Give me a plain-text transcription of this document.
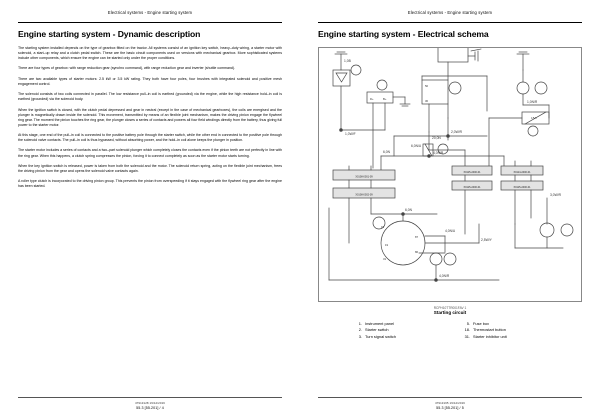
Electrical systems - Engine starting system
Engine starting system - Dynamic description

The starting system installed depends on the type of gearbox fitted on the tractor. All systems consist of an ignition key switch, heavy–duty wiring, a starter motor with solenoid, a start–up relay and a clutch pedal switch. These are the basic circuit components used on versions with mechanical gearbox. More sophisticated systems include other components, which ensure the engine can be started only under the proper conditions.

There are four types of gearbox: with range reduction gear (synchro command), with range reduction gear and inverter (shuttle command).

There are two available types of starter motors: 2.5 kW or 3.5 kW rating. They both have four poles, four brushes with integrated solenoid and positive mesh engagement control.

The solenoid consists of two coils connected in parallel. The low resistance pull–in coil is earthed (grounded) via the engine, while the high resistance hold–in coil is earthed (grounded) via the solenoid body.

When the ignition switch is closed, with the clutch pedal depressed and gear in neutral (except in the case of mechanical gearboxes), the coils are energised and the plunger is magnetically drawn inside the solenoid. This movement, transmitted by means of an flexible joint mechanism, makes the driving pinion engage the flywheel ring gear. The moment the pinion touches the ring gear, the plunger closes a series of contacts and powers all four field windings directly from the battery, thus giving full power to the starter motor.

At this stage, one end of the pull–in coil is connected to the positive battery pole through the starter switch, while the other end in connected to the positive pole through the solenoid valve contacts. The pull–in coil is thus bypassed, without absorbing power, and the hold–in coil alone keeps the plunger in position.

The starter motor includes a series of contacts and a two–part solenoid plunger which completely closes the contacts even if the pinion teeth are not perfectly in line with the ring gear. When this happens, a clutch spring compresses the pinion, forcing it to connect completely as soon as the starter motor starts turning.

When the key ignition switch is released, power is taken from both the solenoid and the motor. The solenoid return spring, acting on the flexible joint mechanism, frees the driving pinion from the gear and opens the solenoid valve contacts again.

A roller type clutch is incorporated to the driving pinion group. This prevents the pinion from overspeeding if it stays engaged with the flywheel ring gear after the engine has been started.

47913128 19/12/2016
55.3 [55.201] / 4
Electrical systems - Engine starting system
Engine starting system - Electrical schema
1,0B
1,0W/F	2,0W/R
20,0N
1,0N/R
15A
6,0N/U
6,0N	4,0N/R
4,0N/U
2,5W/Y
3,0W/R
6,0N
4,0N/R
D+	B+
50
30
15
19
31
87
86
X0108-0001-09
X0108-0002-09
X0115-2400-01
X0115-2400-01
X0114-2400-01
X0115-2400-01
RCPH10TTR001FAV 1
Starting circuit
1. Instrument panel
2. Starter switch
3. Turn signal switch
5. Fuse box
18. Thermostart button
31. Starter inhibitor unit
47913165 19/12/2016
55.3 [55.201] / 5
